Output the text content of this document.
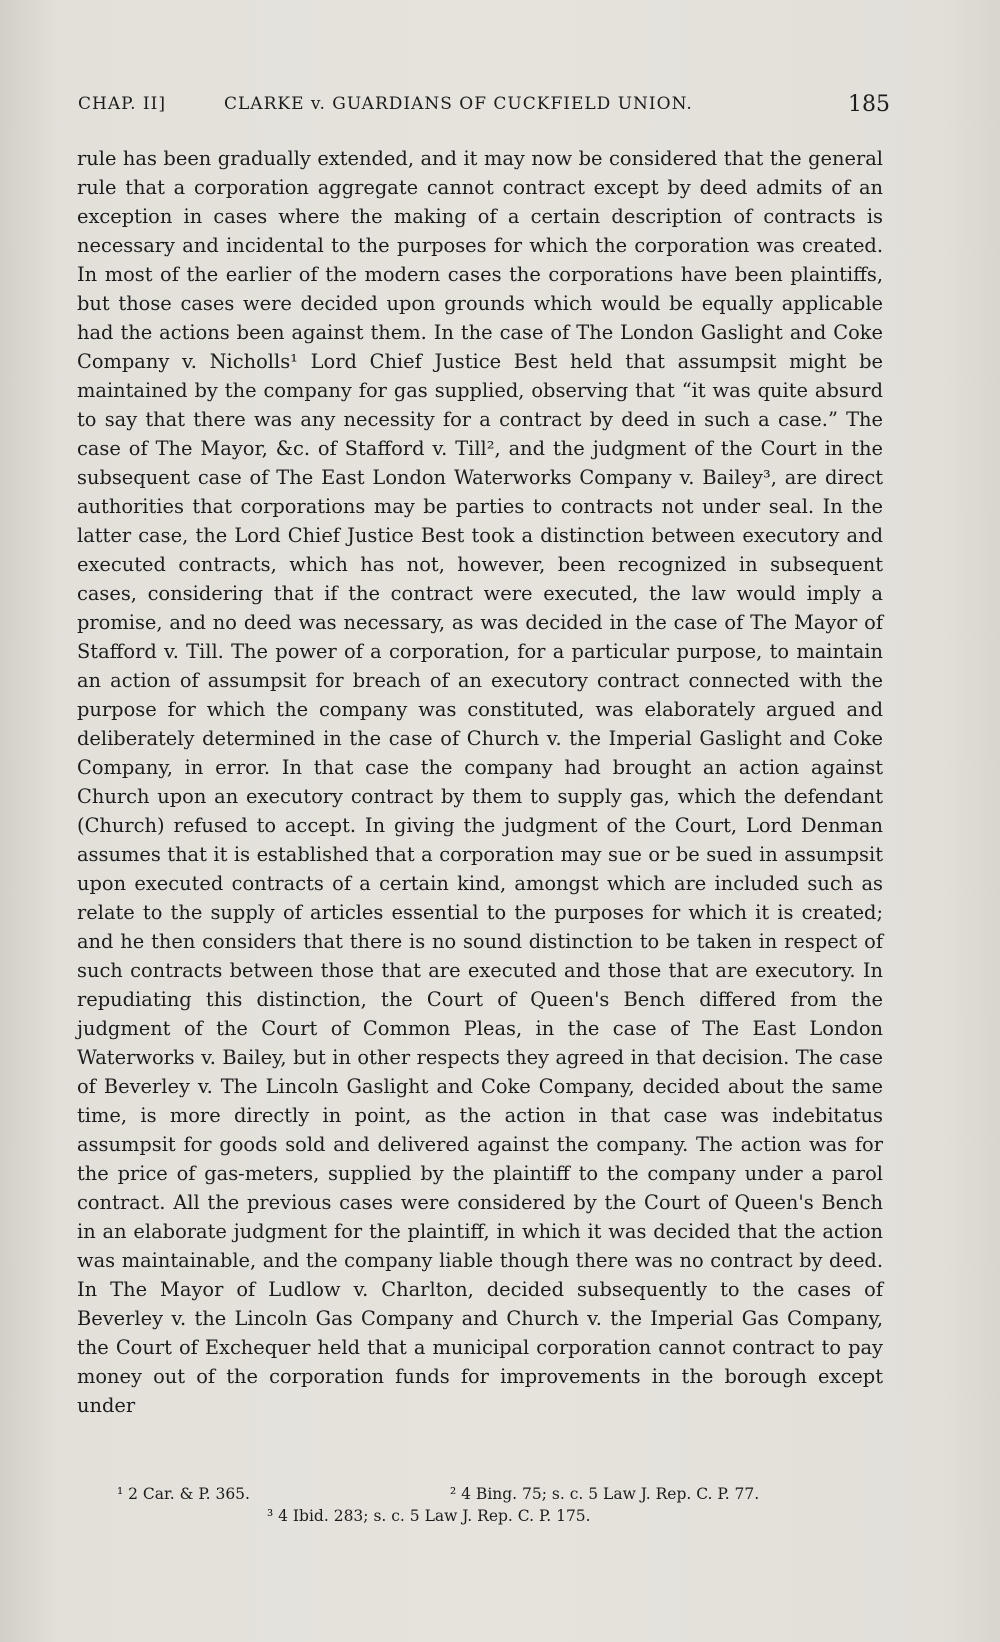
CHAP. II]	CLARKE v. GUARDIANS OF CUCKFIELD UNION.	185

rule has been gradually extended, and it may now be considered that the general rule that a corporation aggregate cannot contract except by deed admits of an exception in cases where the making of a certain description of contracts is necessary and incidental to the purposes for which the corporation was created. In most of the earlier of the modern cases the corporations have been plaintiffs, but those cases were decided upon grounds which would be equally applicable had the actions been against them. In the case of The London Gaslight and Coke Company v. Nicholls¹ Lord Chief Justice Best held that assumpsit might be maintained by the company for gas supplied, observing that “it was quite absurd to say that there was any necessity for a contract by deed in such a case.” The case of The Mayor, &c. of Stafford v. Till², and the judgment of the Court in the subsequent case of The East London Waterworks Company v. Bailey³, are direct authorities that corporations may be parties to contracts not under seal. In the latter case, the Lord Chief Justice Best took a distinction between executory and executed contracts, which has not, however, been recognized in subsequent cases, considering that if the contract were executed, the law would imply a promise, and no deed was necessary, as was decided in the case of The Mayor of Stafford v. Till. The power of a corporation, for a particular purpose, to maintain an action of assumpsit for breach of an executory contract connected with the purpose for which the company was constituted, was elaborately argued and deliberately determined in the case of Church v. the Imperial Gaslight and Coke Company, in error. In that case the company had brought an action against Church upon an executory contract by them to supply gas, which the defendant (Church) refused to accept. In giving the judgment of the Court, Lord Denman assumes that it is established that a corporation may sue or be sued in assumpsit upon executed contracts of a certain kind, amongst which are included such as relate to the supply of articles essential to the purposes for which it is created; and he then considers that there is no sound distinction to be taken in respect of such contracts between those that are executed and those that are executory. In repudiating this distinction, the Court of Queen's Bench differed from the judgment of the Court of Common Pleas, in the case of The East London Waterworks v. Bailey, but in other respects they agreed in that decision. The case of Beverley v. The Lincoln Gaslight and Coke Company, decided about the same time, is more directly in point, as the action in that case was indebitatus assumpsit for goods sold and delivered against the company. The action was for the price of gas-meters, supplied by the plaintiff to the company under a parol contract. All the previous cases were considered by the Court of Queen's Bench in an elaborate judgment for the plaintiff, in which it was decided that the action was maintainable, and the company liable though there was no contract by deed. In The Mayor of Ludlow v. Charlton, decided subsequently to the cases of Beverley v. the Lincoln Gas Company and Church v. the Imperial Gas Company, the Court of Exchequer held that a municipal corporation cannot contract to pay money out of the corporation funds for improvements in the borough except under

¹ 2 Car. & P. 365.	² 4 Bing. 75; s. c. 5 Law J. Rep. C. P. 77.
³ 4 Ibid. 283; s. c. 5 Law J. Rep. C. P. 175.
